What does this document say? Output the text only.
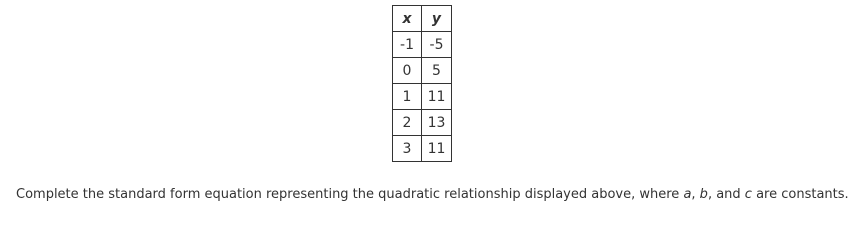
x	y
-1	-5
0	5
1	11
2	13
3	11
Complete the standard form equation representing the quadratic relationship displayed above, where a, b, and c are constants.
